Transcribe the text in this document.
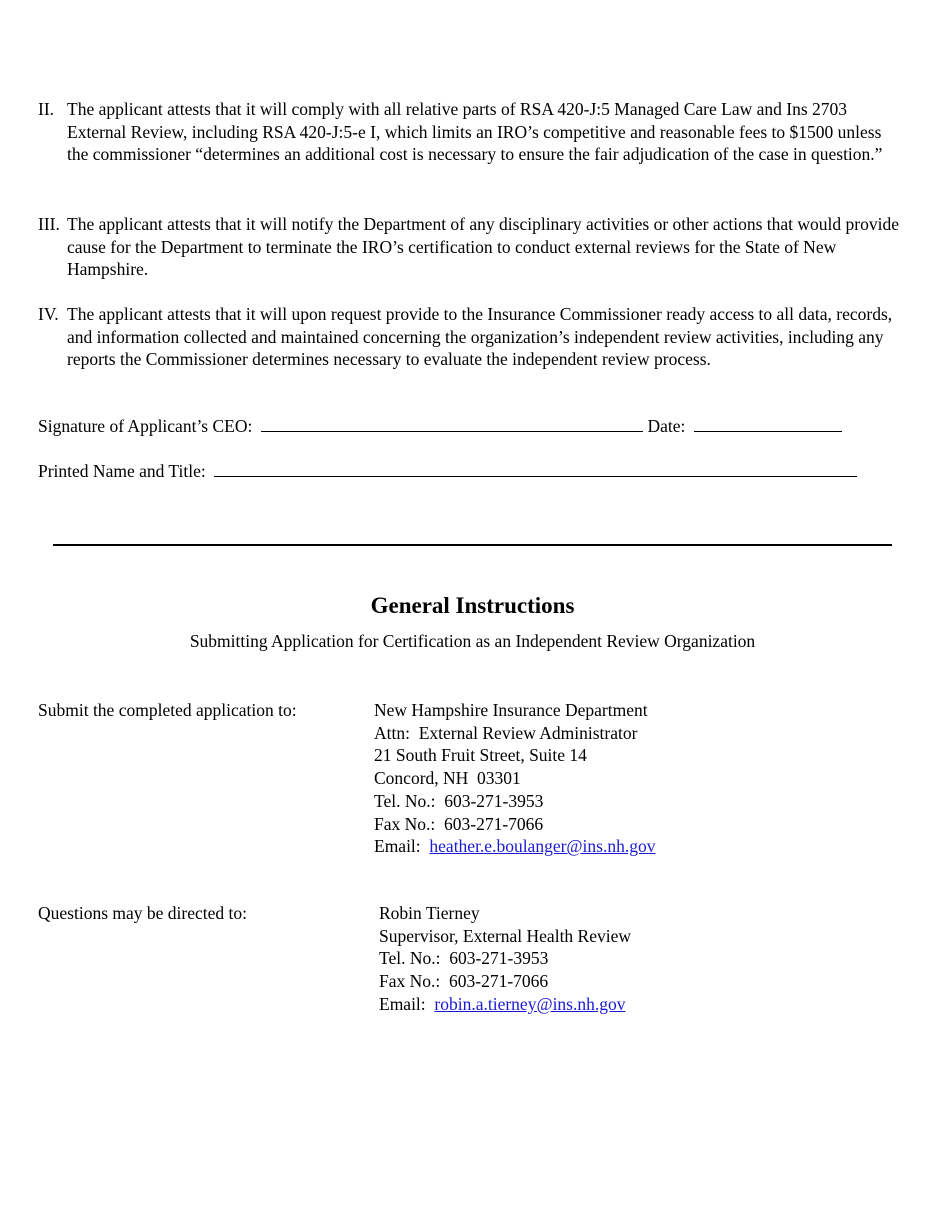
II. The applicant attests that it will comply with all relative parts of RSA 420-J:5 Managed Care Law and Ins 2703 External Review, including RSA 420-J:5-e I, which limits an IRO’s competitive and reasonable fees to $1500 unless the commissioner “determines an additional cost is necessary to ensure the fair adjudication of the case in question.”
III. The applicant attests that it will notify the Department of any disciplinary activities or other actions that would provide cause for the Department to terminate the IRO’s certification to conduct external reviews for the State of New Hampshire.
IV. The applicant attests that it will upon request provide to the Insurance Commissioner ready access to all data, records, and information collected and maintained concerning the organization’s independent review activities, including any reports the Commissioner determines necessary to evaluate the independent review process.
Signature of Applicant’s CEO:	Date:
Printed Name and Title:
General Instructions
Submitting Application for Certification as an Independent Review Organization
Submit the completed application to:	New Hampshire Insurance Department
Attn:  External Review Administrator
21 South Fruit Street, Suite 14
Concord, NH  03301
Tel. No.:  603-271-3953
Fax No.:  603-271-7066
Email: heather.e.boulanger@ins.nh.gov
Questions may be directed to:	Robin Tierney
Supervisor, External Health Review
Tel. No.:  603-271-3953
Fax No.:  603-271-7066
Email: robin.a.tierney@ins.nh.gov
